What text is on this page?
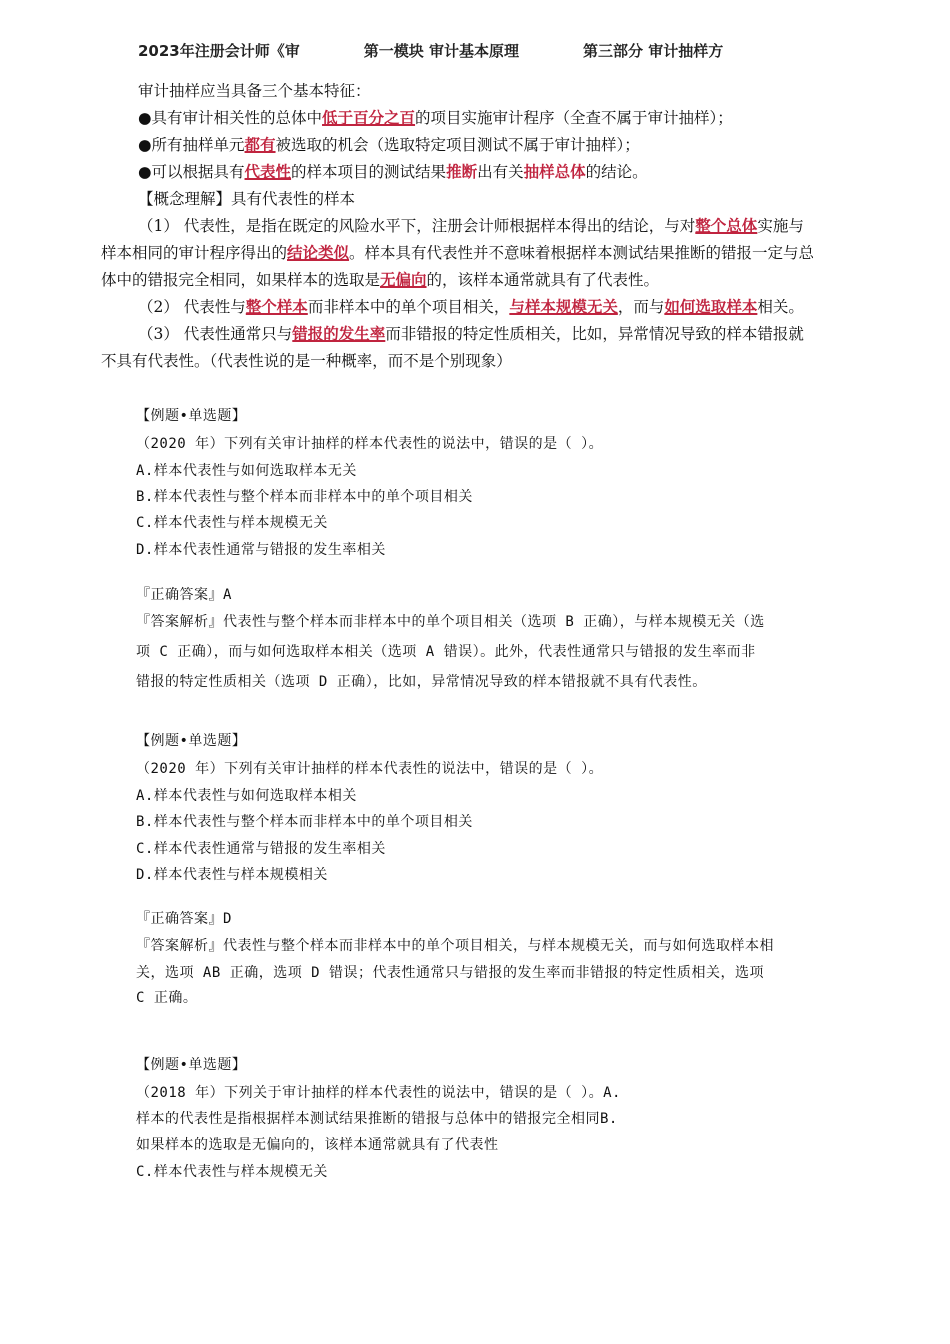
2023年注册会计师《审	第一模块 审计基本原理	第三部分 审计抽样方
审计抽样应当具备三个基本特征：
●具有审计相关性的总体中低于百分之百的项目实施审计程序（全查不属于审计抽样）；
●所有抽样单元都有被选取的机会（选取特定项目测试不属于审计抽样）；
●可以根据具有代表性的样本项目的测试结果推断出有关抽样总体的结论。
【概念理解】具有代表性的样本
（1） 代表性，是指在既定的风险水平下，注册会计师根据样本得出的结论，与对整个总体实施与
样本相同的审计程序得出的结论类似。样本具有代表性并不意味着根据样本测试结果推断的错报一定与总
体中的错报完全相同，如果样本的选取是无偏向的，该样本通常就具有了代表性。
（2） 代表性与整个样本而非样本中的单个项目相关，与样本规模无关，而与如何选取样本相关。
（3） 代表性通常只与错报的发生率而非错报的特定性质相关，比如，异常情况导致的样本错报就
不具有代表性。（代表性说的是一种概率，而不是个别现象）
【例题•单选题】
（2020 年）下列有关审计抽样的样本代表性的说法中，错误的是（ ）。
A.样本代表性与如何选取样本无关
B.样本代表性与整个样本而非样本中的单个项目相关
C.样本代表性与样本规模无关
D.样本代表性通常与错报的发生率相关
『正确答案』A
『答案解析』代表性与整个样本而非样本中的单个项目相关（选项 B 正确），与样本规模无关（选
项 C 正确），而与如何选取样本相关（选项 A 错误）。此外，代表性通常只与错报的发生率而非
错报的特定性质相关（选项 D 正确），比如，异常情况导致的样本错报就不具有代表性。
【例题•单选题】
（2020 年）下列有关审计抽样的样本代表性的说法中，错误的是（ ）。
A.样本代表性与如何选取样本相关
B.样本代表性与整个样本而非样本中的单个项目相关
C.样本代表性通常与错报的发生率相关
D.样本代表性与样本规模相关
『正确答案』D
『答案解析』代表性与整个样本而非样本中的单个项目相关，与样本规模无关，而与如何选取样本相
关，选项 AB 正确，选项 D 错误；代表性通常只与错报的发生率而非错报的特定性质相关，选项
C 正确。
【例题•单选题】
（2018 年）下列关于审计抽样的样本代表性的说法中，错误的是（ ）。A.
样本的代表性是指根据样本测试结果推断的错报与总体中的错报完全相同B.
如果样本的选取是无偏向的，该样本通常就具有了代表性
C.样本代表性与样本规模无关
